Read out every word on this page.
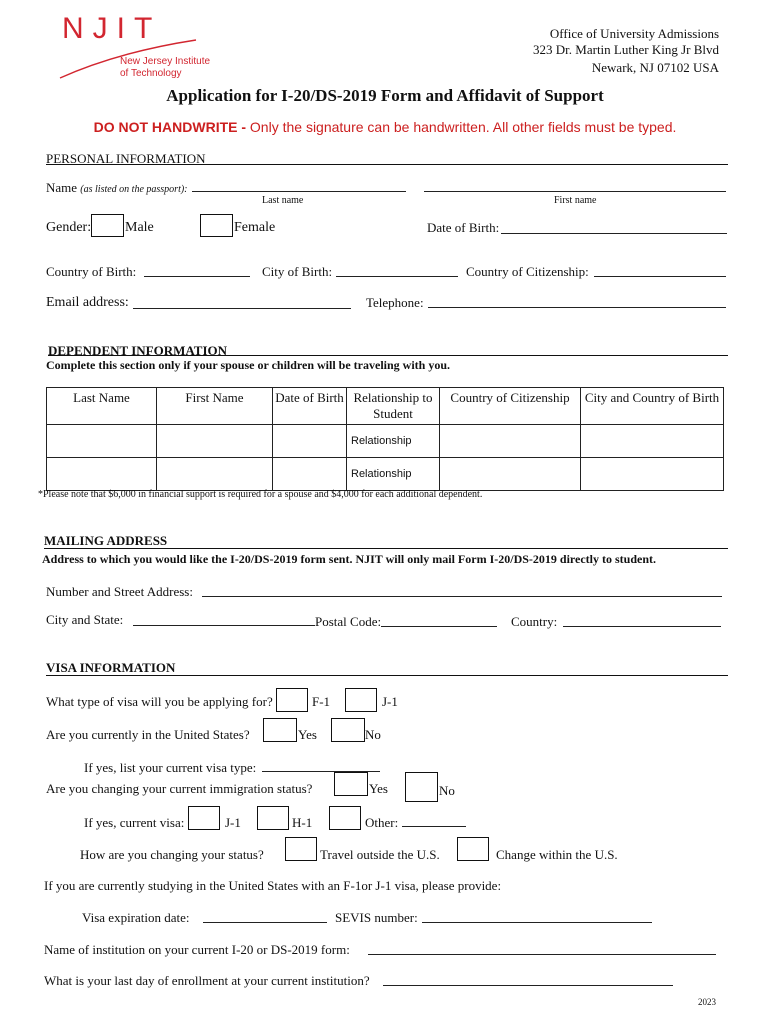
NJIT
New Jersey Institute
of Technology
Office of University Admissions
323 Dr. Martin Luther King Jr Blvd
Newark, NJ 07102 USA
Application for I-20/DS-2019 Form and Affidavit of Support
DO NOT HANDWRITE - Only the signature can be handwritten. All other fields must be typed.
PERSONAL INFORMATION
Name (as listed on the passport):
Last name	First name
Gender: Male	Female	Date of Birth:
Country of Birth:	City of Birth:	Country of Citizenship:
Email address:	Telephone:
DEPENDENT INFORMATION
Complete this section only if your spouse or children will be traveling with you.
Last Name	First Name	Date of Birth	Relationship to Student	Country of Citizenship	City and Country of Birth
			Relationship		
			Relationship		
*Please note that $6,000 in financial support is required for a spouse and $4,000 for each additional dependent.
MAILING ADDRESS
Address to which you would like the I-20/DS-2019 form sent. NJIT will only mail Form I-20/DS-2019 directly to student.
Number and Street Address:
City and State:	Postal Code:	Country:
VISA INFORMATION
What type of visa will you be applying for?	F-1	J-1
Are you currently in the United States?	Yes	No
If yes, list your current visa type:
Are you changing your current immigration status?	Yes	No
If yes, current visa:	J-1	H-1	Other:
How are you changing your status?	Travel outside the U.S.	Change within the U.S.
If you are currently studying in the United States with an F-1or J-1 visa, please provide:
Visa expiration date:	SEVIS number:
Name of institution on your current I-20 or DS-2019 form:
What is your last day of enrollment at your current institution?
2023
